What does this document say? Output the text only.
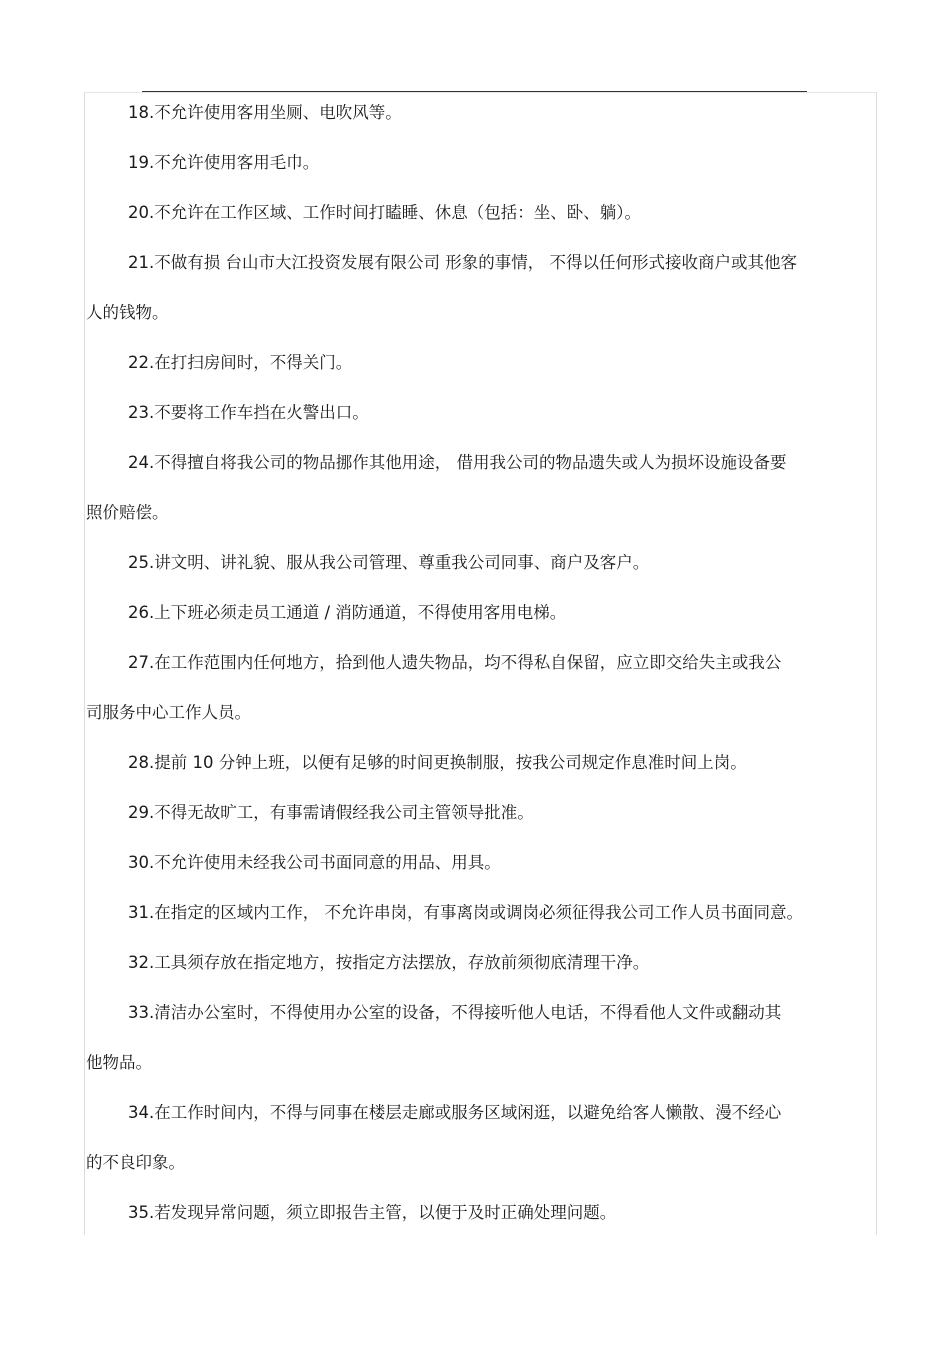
18.不允许使用客用坐厕、电吹风等。
19.不允许使用客用毛巾。
20.不允许在工作区域、工作时间打瞌睡、休息（包括：坐、卧、躺）。
21.不做有损 台山市大江投资发展有限公司 形象的事情， 不得以任何形式接收商户或其他客
人的钱物。
22.在打扫房间时，不得关门。
23.不要将工作车挡在火警出口。
24.不得擅自将我公司的物品挪作其他用途， 借用我公司的物品遗失或人为损坏设施设备要
照价赔偿。
25.讲文明、讲礼貌、服从我公司管理、尊重我公司同事、商户及客户。
26.上下班必须走员工通道 / 消防通道，不得使用客用电梯。
27.在工作范围内任何地方，拾到他人遗失物品，均不得私自保留，应立即交给失主或我公
司服务中心工作人员。
28.提前 10 分钟上班，以便有足够的时间更换制服，按我公司规定作息准时间上岗。
29.不得无故旷工，有事需请假经我公司主管领导批准。
30.不允许使用未经我公司书面同意的用品、用具。
31.在指定的区域内工作， 不允许串岗，有事离岗或调岗必须征得我公司工作人员书面同意。
32.工具须存放在指定地方，按指定方法摆放，存放前须彻底清理干净。
33.清洁办公室时，不得使用办公室的设备，不得接听他人电话，不得看他人文件或翻动其
他物品。
34.在工作时间内，不得与同事在楼层走廊或服务区域闲逛，以避免给客人懒散、漫不经心
的不良印象。
35.若发现异常问题，须立即报告主管，以便于及时正确处理问题。
